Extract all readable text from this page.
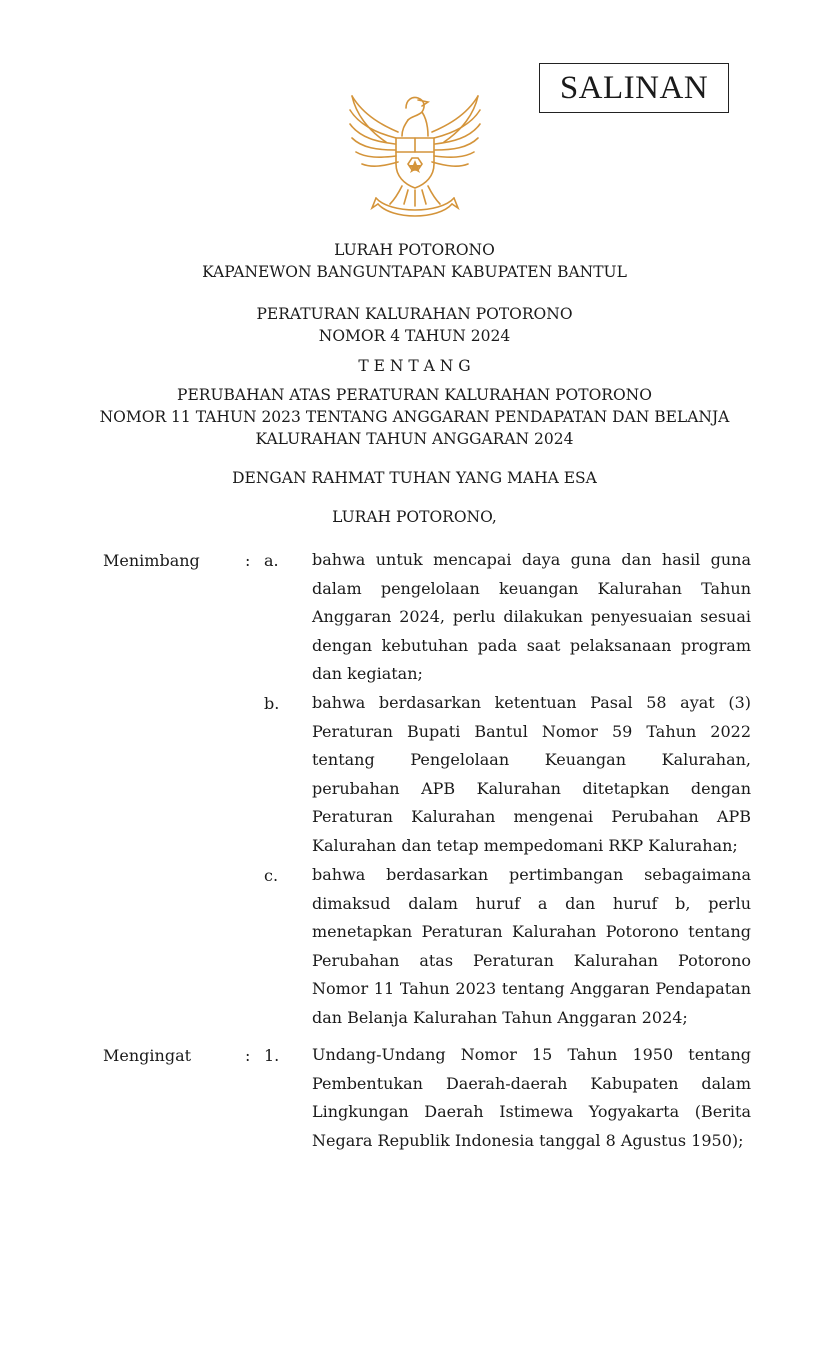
SALINAN
LURAH POTORONO
KAPANEWON BANGUNTAPAN KABUPATEN BANTUL
PERATURAN KALURAHAN POTORONO
NOMOR 4 TAHUN 2024
T E N T A N G
PERUBAHAN ATAS PERATURAN KALURAHAN POTORONO
NOMOR 11 TAHUN 2023 TENTANG ANGGARAN PENDAPATAN DAN BELANJA
KALURAHAN TAHUN ANGGARAN 2024
DENGAN RAHMAT TUHAN YANG MAHA ESA
LURAH POTORONO,
Menimbang	: a. bahwa untuk mencapai daya guna dan hasil guna dalam pengelolaan keuangan Kalurahan Tahun Anggaran 2024, perlu dilakukan penyesuaian sesuai dengan kebutuhan pada saat pelaksanaan program dan kegiatan;
b. bahwa berdasarkan ketentuan Pasal 58 ayat (3) Peraturan Bupati Bantul Nomor 59 Tahun 2022 tentang Pengelolaan Keuangan Kalurahan, perubahan APB Kalurahan ditetapkan dengan Peraturan Kalurahan mengenai Perubahan APB Kalurahan dan tetap mempedomani RKP Kalurahan;
c. bahwa berdasarkan pertimbangan sebagaimana dimaksud dalam huruf a dan huruf b, perlu menetapkan Peraturan Kalurahan Potorono tentang Perubahan atas Peraturan Kalurahan Potorono Nomor 11 Tahun 2023 tentang Anggaran Pendapatan dan Belanja Kalurahan Tahun Anggaran 2024;
Mengingat	: 1. Undang-Undang Nomor 15 Tahun 1950 tentang Pembentukan Daerah-daerah Kabupaten dalam Lingkungan Daerah Istimewa Yogyakarta (Berita Negara Republik Indonesia tanggal 8 Agustus 1950);
